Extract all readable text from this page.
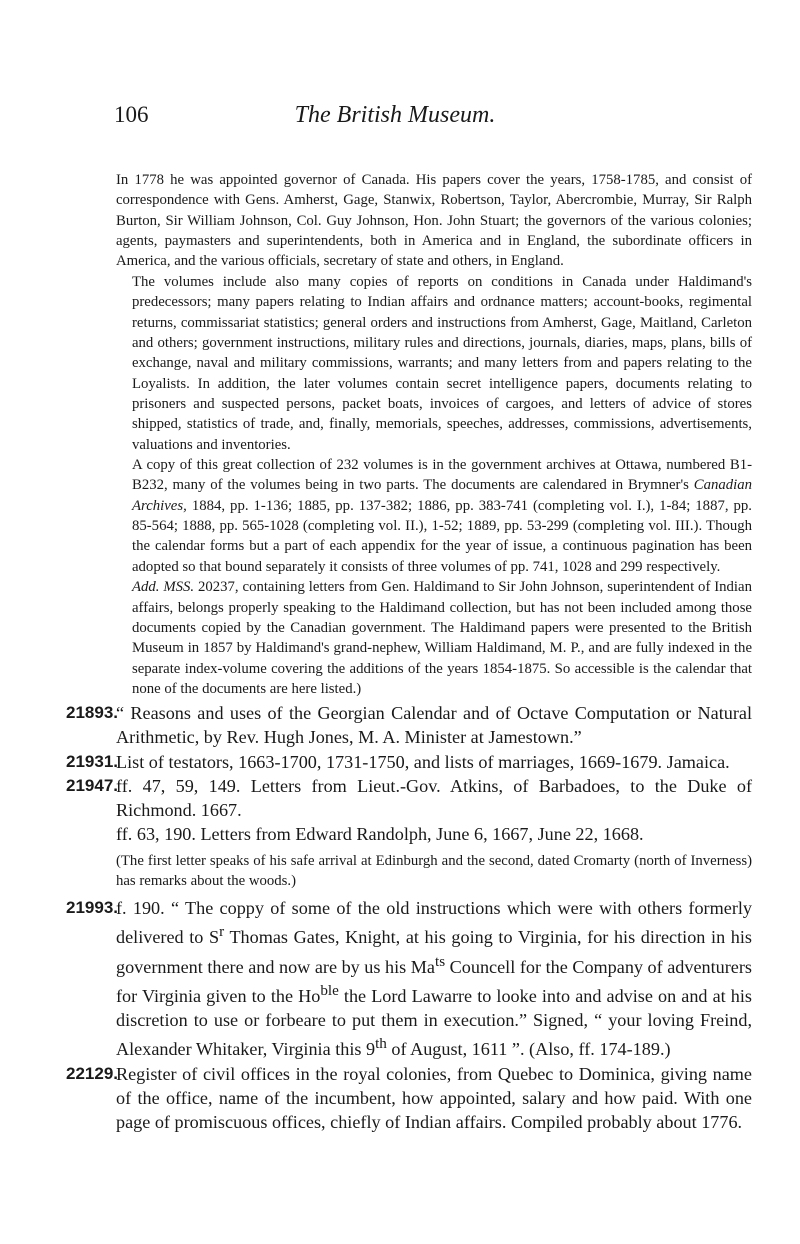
106	The British Museum.

In 1778 he was appointed governor of Canada. His papers cover the years, 1758-1785, and consist of correspondence with Gens. Amherst, Gage, Stanwix, Robertson, Taylor, Abercrombie, Murray, Sir Ralph Burton, Sir William Johnson, Col. Guy Johnson, Hon. John Stuart; the governors of the various colonies; agents, paymasters and superintendents, both in America and in England, the subordinate officers in America, and the various officials, secretary of state and others, in England.

The volumes include also many copies of reports on conditions in Canada under Haldimand's predecessors; many papers relating to Indian affairs and ordnance matters; account-books, regimental returns, commissariat statistics; general orders and instructions from Amherst, Gage, Maitland, Carleton and others; government instructions, military rules and directions, journals, diaries, maps, plans, bills of exchange, naval and military commissions, warrants; and many letters from and papers relating to the Loyalists. In addition, the later volumes contain secret intelligence papers, documents relating to prisoners and suspected persons, packet boats, invoices of cargoes, and letters of advice of stores shipped, statistics of trade, and, finally, memorials, speeches, addresses, commissions, advertisements, valuations and inventories.

A copy of this great collection of 232 volumes is in the government archives at Ottawa, numbered B1-B232, many of the volumes being in two parts. The documents are calendared in Brymner's Canadian Archives, 1884, pp. 1-136; 1885, pp. 137-382; 1886, pp. 383-741 (completing vol. I.), 1-84; 1887, pp. 85-564; 1888, pp. 565-1028 (completing vol. II.), 1-52; 1889, pp. 53-299 (completing vol. III.). Though the calendar forms but a part of each appendix for the year of issue, a continuous pagination has been adopted so that bound separately it consists of three volumes of pp. 741, 1028 and 299 respectively.

Add. MSS. 20237, containing letters from Gen. Haldimand to Sir John Johnson, superintendent of Indian affairs, belongs properly speaking to the Haldimand collection, but has not been included among those documents copied by the Canadian government. The Haldimand papers were presented to the British Museum in 1857 by Haldimand's grand-nephew, William Haldimand, M. P., and are fully indexed in the separate index-volume covering the additions of the years 1854-1875. So accessible is the calendar that none of the documents are here listed.)

21893.
“ Reasons and uses of the Georgian Calendar and of Octave Computation or Natural Arithmetic, by Rev. Hugh Jones, M. A. Minister at Jamestown.”

21931.
List of testators, 1663-1700, 1731-1750, and lists of marriages, 1669-1679. Jamaica.

21947.
ff. 47, 59, 149. Letters from Lieut.-Gov. Atkins, of Barbadoes, to the Duke of Richmond. 1667.

ff. 63, 190. Letters from Edward Randolph, June 6, 1667, June 22, 1668.

(The first letter speaks of his safe arrival at Edinburgh and the second, dated Cromarty (north of Inverness) has remarks about the woods.)

21993.
f. 190. “ The coppy of some of the old instructions which were with others formerly delivered to $S^r$ Thomas Gates, Knight, at his going to Virginia, for his direction in his government there and now are by us his $Ma^{ts}$ Councell for the Company of adventurers for Virginia given to the $Ho^{ble}$ the Lord Lawarre to looke into and advise on and at his discretion to use or forbeare to put them in execution.” Signed, “ your loving Freind, Alexander Whitaker, Virginia this 9th of August, 1611 ”. (Also, ff. 174-189.)

22129.
Register of civil offices in the royal colonies, from Quebec to Dominica, giving name of the office, name of the incumbent, how appointed, salary and how paid. With one page of promiscuous offices, chiefly of Indian affairs. Compiled probably about 1776.
